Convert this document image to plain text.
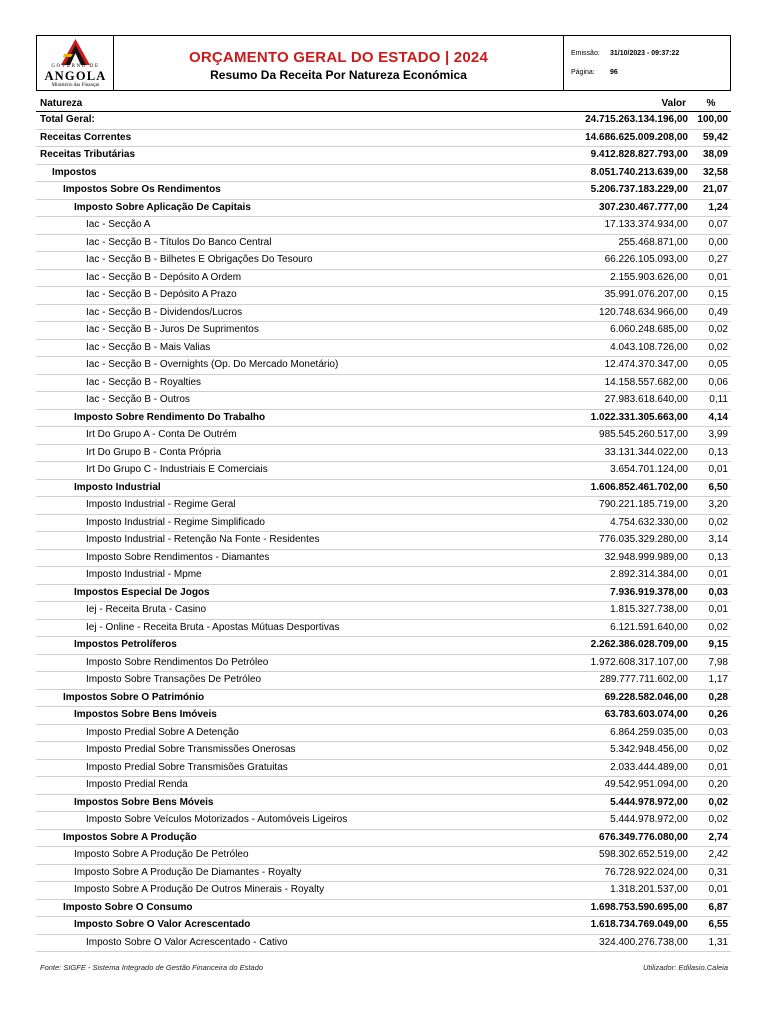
GOVERNO DE
ANGOLA
Ministério das Finanças
ORÇAMENTO GERAL DO ESTADO | 2024
Resumo Da Receita Por Natureza Económica
Emissão: 31/10/2023 - 09:37:22
Página: 96
Natureza	Valor	%
Total Geral:	24.715.263.134.196,00 100,00
Receitas Correntes	14.686.625.009.208,00	59,42
Receitas Tributárias	9.412.828.827.793,00	38,09
Impostos	8.051.740.213.639,00	32,58
Impostos Sobre Os Rendimentos	5.206.737.183.229,00	21,07
Imposto Sobre Aplicação De Capitais	307.230.467.777,00	1,24
Iac - Secção A	17.133.374.934,00	0,07
Iac - Secção B - Títulos Do Banco Central	255.468.871,00	0,00
Iac - Secção B - Bilhetes E Obrigações Do Tesouro	66.226.105.093,00	0,27
Iac - Secção B - Depósito A Ordem	2.155.903.626,00	0,01
Iac - Secção B - Depósito A Prazo	35.991.076.207,00	0,15
Iac - Secção B - Dividendos/Lucros	120.748.634.966,00	0,49
Iac - Secção B - Juros De Suprimentos	6.060.248.685,00	0,02
Iac - Secção B - Mais Valias	4.043.108.726,00	0,02
Iac - Secção B - Overnights (Op. Do Mercado Monetário)	12.474.370.347,00	0,05
Iac - Secção B - Royalties	14.158.557.682,00	0,06
Iac - Secção B - Outros	27.983.618.640,00	0,11
Imposto Sobre Rendimento Do Trabalho	1.022.331.305.663,00	4,14
Irt Do Grupo A - Conta De Outrém	985.545.260.517,00	3,99
Irt Do Grupo B - Conta Própria	33.131.344.022,00	0,13
Irt Do Grupo C - Industriais E Comerciais	3.654.701.124,00	0,01
Imposto Industrial	1.606.852.461.702,00	6,50
Imposto Industrial - Regime Geral	790.221.185.719,00	3,20
Imposto Industrial - Regime Simplificado	4.754.632.330,00	0,02
Imposto Industrial - Retenção Na Fonte - Residentes	776.035.329.280,00	3,14
Imposto Sobre Rendimentos - Diamantes	32.948.999.989,00	0,13
Imposto Industrial - Mpme	2.892.314.384,00	0,01
Impostos Especial De Jogos	7.936.919.378,00	0,03
Iej - Receita Bruta - Casino	1.815.327.738,00	0,01
Iej - Online - Receita Bruta - Apostas Mútuas Desportivas	6.121.591.640,00	0,02
Impostos Petrolíferos	2.262.386.028.709,00	9,15
Imposto Sobre Rendimentos Do Petróleo	1.972.608.317.107,00	7,98
Imposto Sobre Transações De Petróleo	289.777.711.602,00	1,17
Impostos Sobre O Património	69.228.582.046,00	0,28
Impostos Sobre Bens Imóveis	63.783.603.074,00	0,26
Imposto Predial Sobre A Detenção	6.864.259.035,00	0,03
Imposto Predial Sobre Transmissões Onerosas	5.342.948.456,00	0,02
Imposto Predial Sobre Transmisões Gratuitas	2.033.444.489,00	0,01
Imposto Predial Renda	49.542.951.094,00	0,20
Impostos Sobre Bens Móveis	5.444.978.972,00	0,02
Imposto Sobre Veículos Motorizados - Automóveis Ligeiros	5.444.978.972,00	0,02
Impostos Sobre A Produção	676.349.776.080,00	2,74
Imposto Sobre A Produção De Petróleo	598.302.652.519,00	2,42
Imposto Sobre A Produção De Diamantes - Royalty	76.728.922.024,00	0,31
Imposto Sobre A Produção De Outros Minerais - Royalty	1.318.201.537,00	0,01
Imposto Sobre O Consumo	1.698.753.590.695,00	6,87
Imposto Sobre O Valor Acrescentado	1.618.734.769.049,00	6,55
Imposto Sobre O Valor Acrescentado - Cativo	324.400.276.738,00	1,31
Fonte: SIGFE - Sistema Integrado de Gestão Financeira do Estado	Utilizador: Edilasio.Caleia
